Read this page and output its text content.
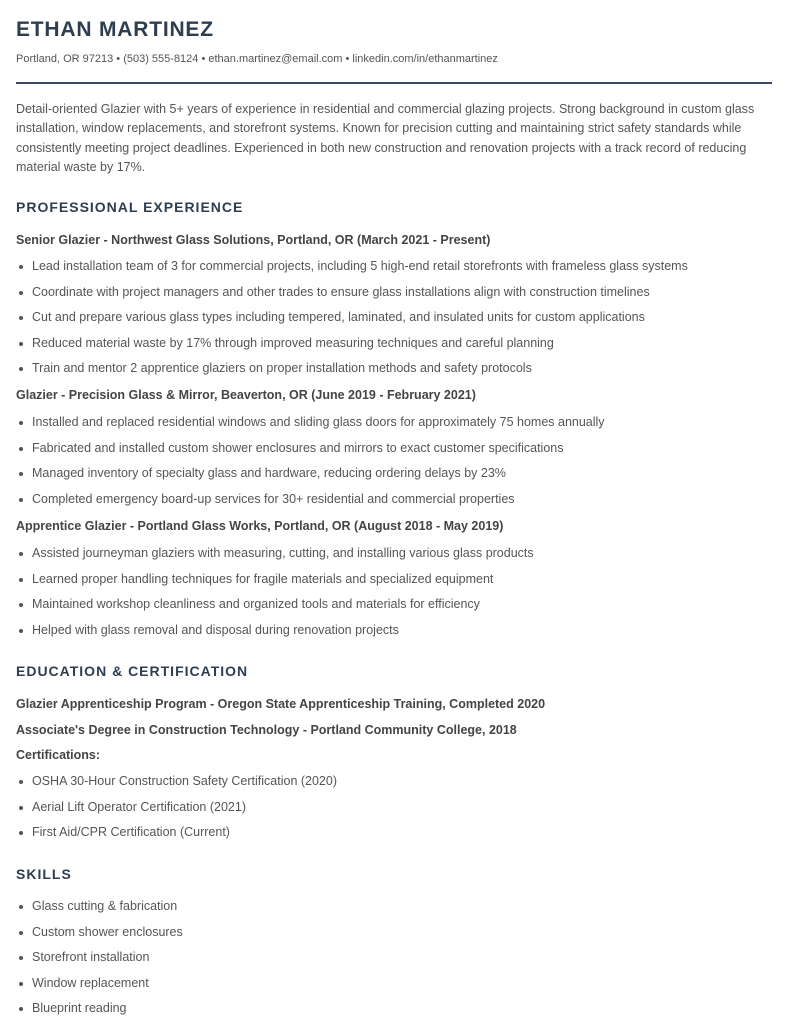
ETHAN MARTINEZ
Portland, OR 97213 • (503) 555-8124 • ethan.martinez@email.com • linkedin.com/in/ethanmartinez

Detail-oriented Glazier with 5+ years of experience in residential and commercial glazing projects. Strong background in custom glass installation, window replacements, and storefront systems. Known for precision cutting and maintaining strict safety standards while consistently meeting project deadlines. Experienced in both new construction and renovation projects with a track record of reducing material waste by 17%.

PROFESSIONAL EXPERIENCE
Senior Glazier - Northwest Glass Solutions, Portland, OR (March 2021 - Present)
Lead installation team of 3 for commercial projects, including 5 high-end retail storefronts with frameless glass systems
Coordinate with project managers and other trades to ensure glass installations align with construction timelines
Cut and prepare various glass types including tempered, laminated, and insulated units for custom applications
Reduced material waste by 17% through improved measuring techniques and careful planning
Train and mentor 2 apprentice glaziers on proper installation methods and safety protocols
Glazier - Precision Glass & Mirror, Beaverton, OR (June 2019 - February 2021)
Installed and replaced residential windows and sliding glass doors for approximately 75 homes annually
Fabricated and installed custom shower enclosures and mirrors to exact customer specifications
Managed inventory of specialty glass and hardware, reducing ordering delays by 23%
Completed emergency board-up services for 30+ residential and commercial properties
Apprentice Glazier - Portland Glass Works, Portland, OR (August 2018 - May 2019)
Assisted journeyman glaziers with measuring, cutting, and installing various glass products
Learned proper handling techniques for fragile materials and specialized equipment
Maintained workshop cleanliness and organized tools and materials for efficiency
Helped with glass removal and disposal during renovation projects
EDUCATION & CERTIFICATION
Glazier Apprenticeship Program - Oregon State Apprenticeship Training, Completed 2020
Associate's Degree in Construction Technology - Portland Community College, 2018
Certifications:
OSHA 30-Hour Construction Safety Certification (2020)
Aerial Lift Operator Certification (2021)
First Aid/CPR Certification (Current)
SKILLS
Glass cutting & fabrication
Custom shower enclosures
Storefront installation
Window replacement
Blueprint reading
